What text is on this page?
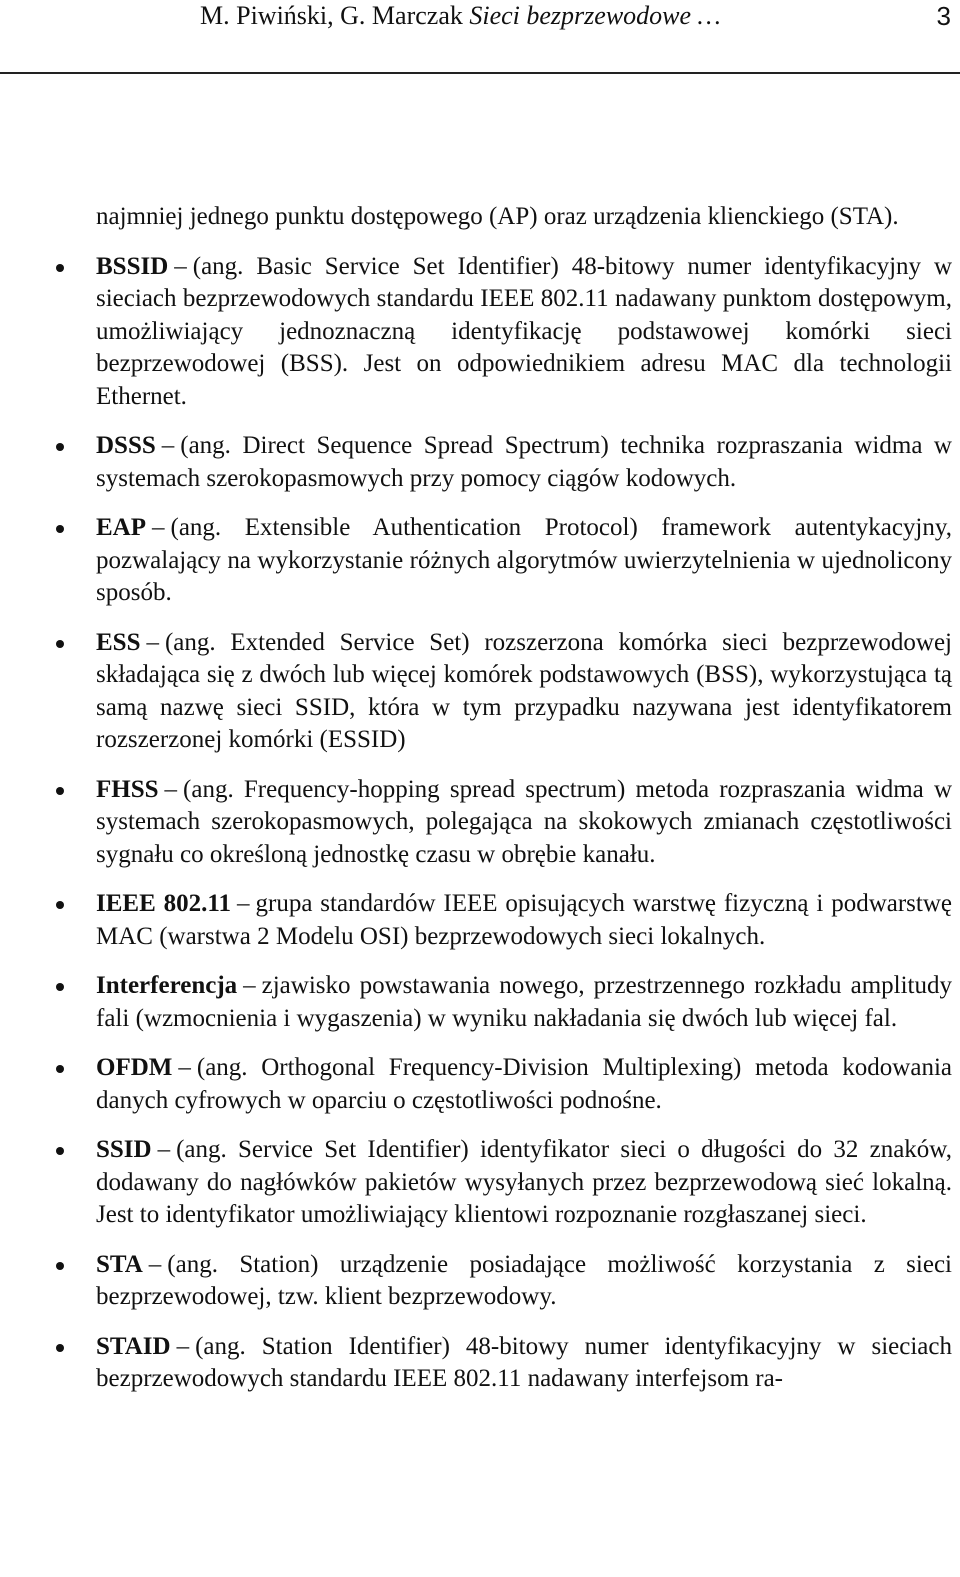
M. Piwiński, G. Marczak Sieci bezprzewodowe …	3

najmniej jednego punktu dostępowego (AP) oraz urządzenia klienckiego (STA).

BSSID – (ang. Basic Service Set Identifier) 48-bitowy numer identyfikacyjny w sieciach bezprzewodowych standardu IEEE 802.11 nadawany punktom dostępowym, umożliwiający jednoznaczną identyfikację podstawowej komórki sieci bezprzewodowej (BSS). Jest on odpowiednikiem adresu MAC dla technologii Ethernet.
DSSS – (ang. Direct Sequence Spread Spectrum) technika rozpraszania widma w systemach szerokopasmowych przy pomocy ciągów kodowych.
EAP – (ang. Extensible Authentication Protocol) framework autentykacyjny, pozwalający na wykorzystanie różnych algorytmów uwierzytelnienia w ujednolicony sposób.
ESS – (ang. Extended Service Set) rozszerzona komórka sieci bezprzewodowej składająca się z dwóch lub więcej komórek podstawowych (BSS), wykorzystująca tą samą nazwę sieci SSID, która w tym przypadku nazywana jest identyfikatorem rozszerzonej komórki (ESSID)
FHSS – (ang. Frequency-hopping spread spectrum) metoda rozpraszania widma w systemach szerokopasmowych, polegająca na skokowych zmianach częstotliwości sygnału co określoną jednostkę czasu w obrębie kanału.
IEEE 802.11 – grupa standardów IEEE opisujących warstwę fizyczną i podwarstwę MAC (warstwa 2 Modelu OSI) bezprzewodowych sieci lokalnych.
Interferencja – zjawisko powstawania nowego, przestrzennego rozkładu amplitudy fali (wzmocnienia i wygaszenia) w wyniku nakładania się dwóch lub więcej fal.
OFDM – (ang. Orthogonal Frequency-Division Multiplexing) metoda kodowania danych cyfrowych w oparciu o częstotliwości podnośne.
SSID – (ang. Service Set Identifier) identyfikator sieci o długości do 32 znaków, dodawany do nagłówków pakietów wysyłanych przez bezprzewodową sieć lokalną. Jest to identyfikator umożliwiający klientowi rozpoznanie rozgłaszanej sieci.
STA – (ang. Station) urządzenie posiadające możliwość korzystania z sieci bezprzewodowej, tzw. klient bezprzewodowy.
STAID – (ang. Station Identifier) 48-bitowy numer identyfikacyjny w sieciach bezprzewodowych standardu IEEE 802.11 nadawany interfejsom ra-
